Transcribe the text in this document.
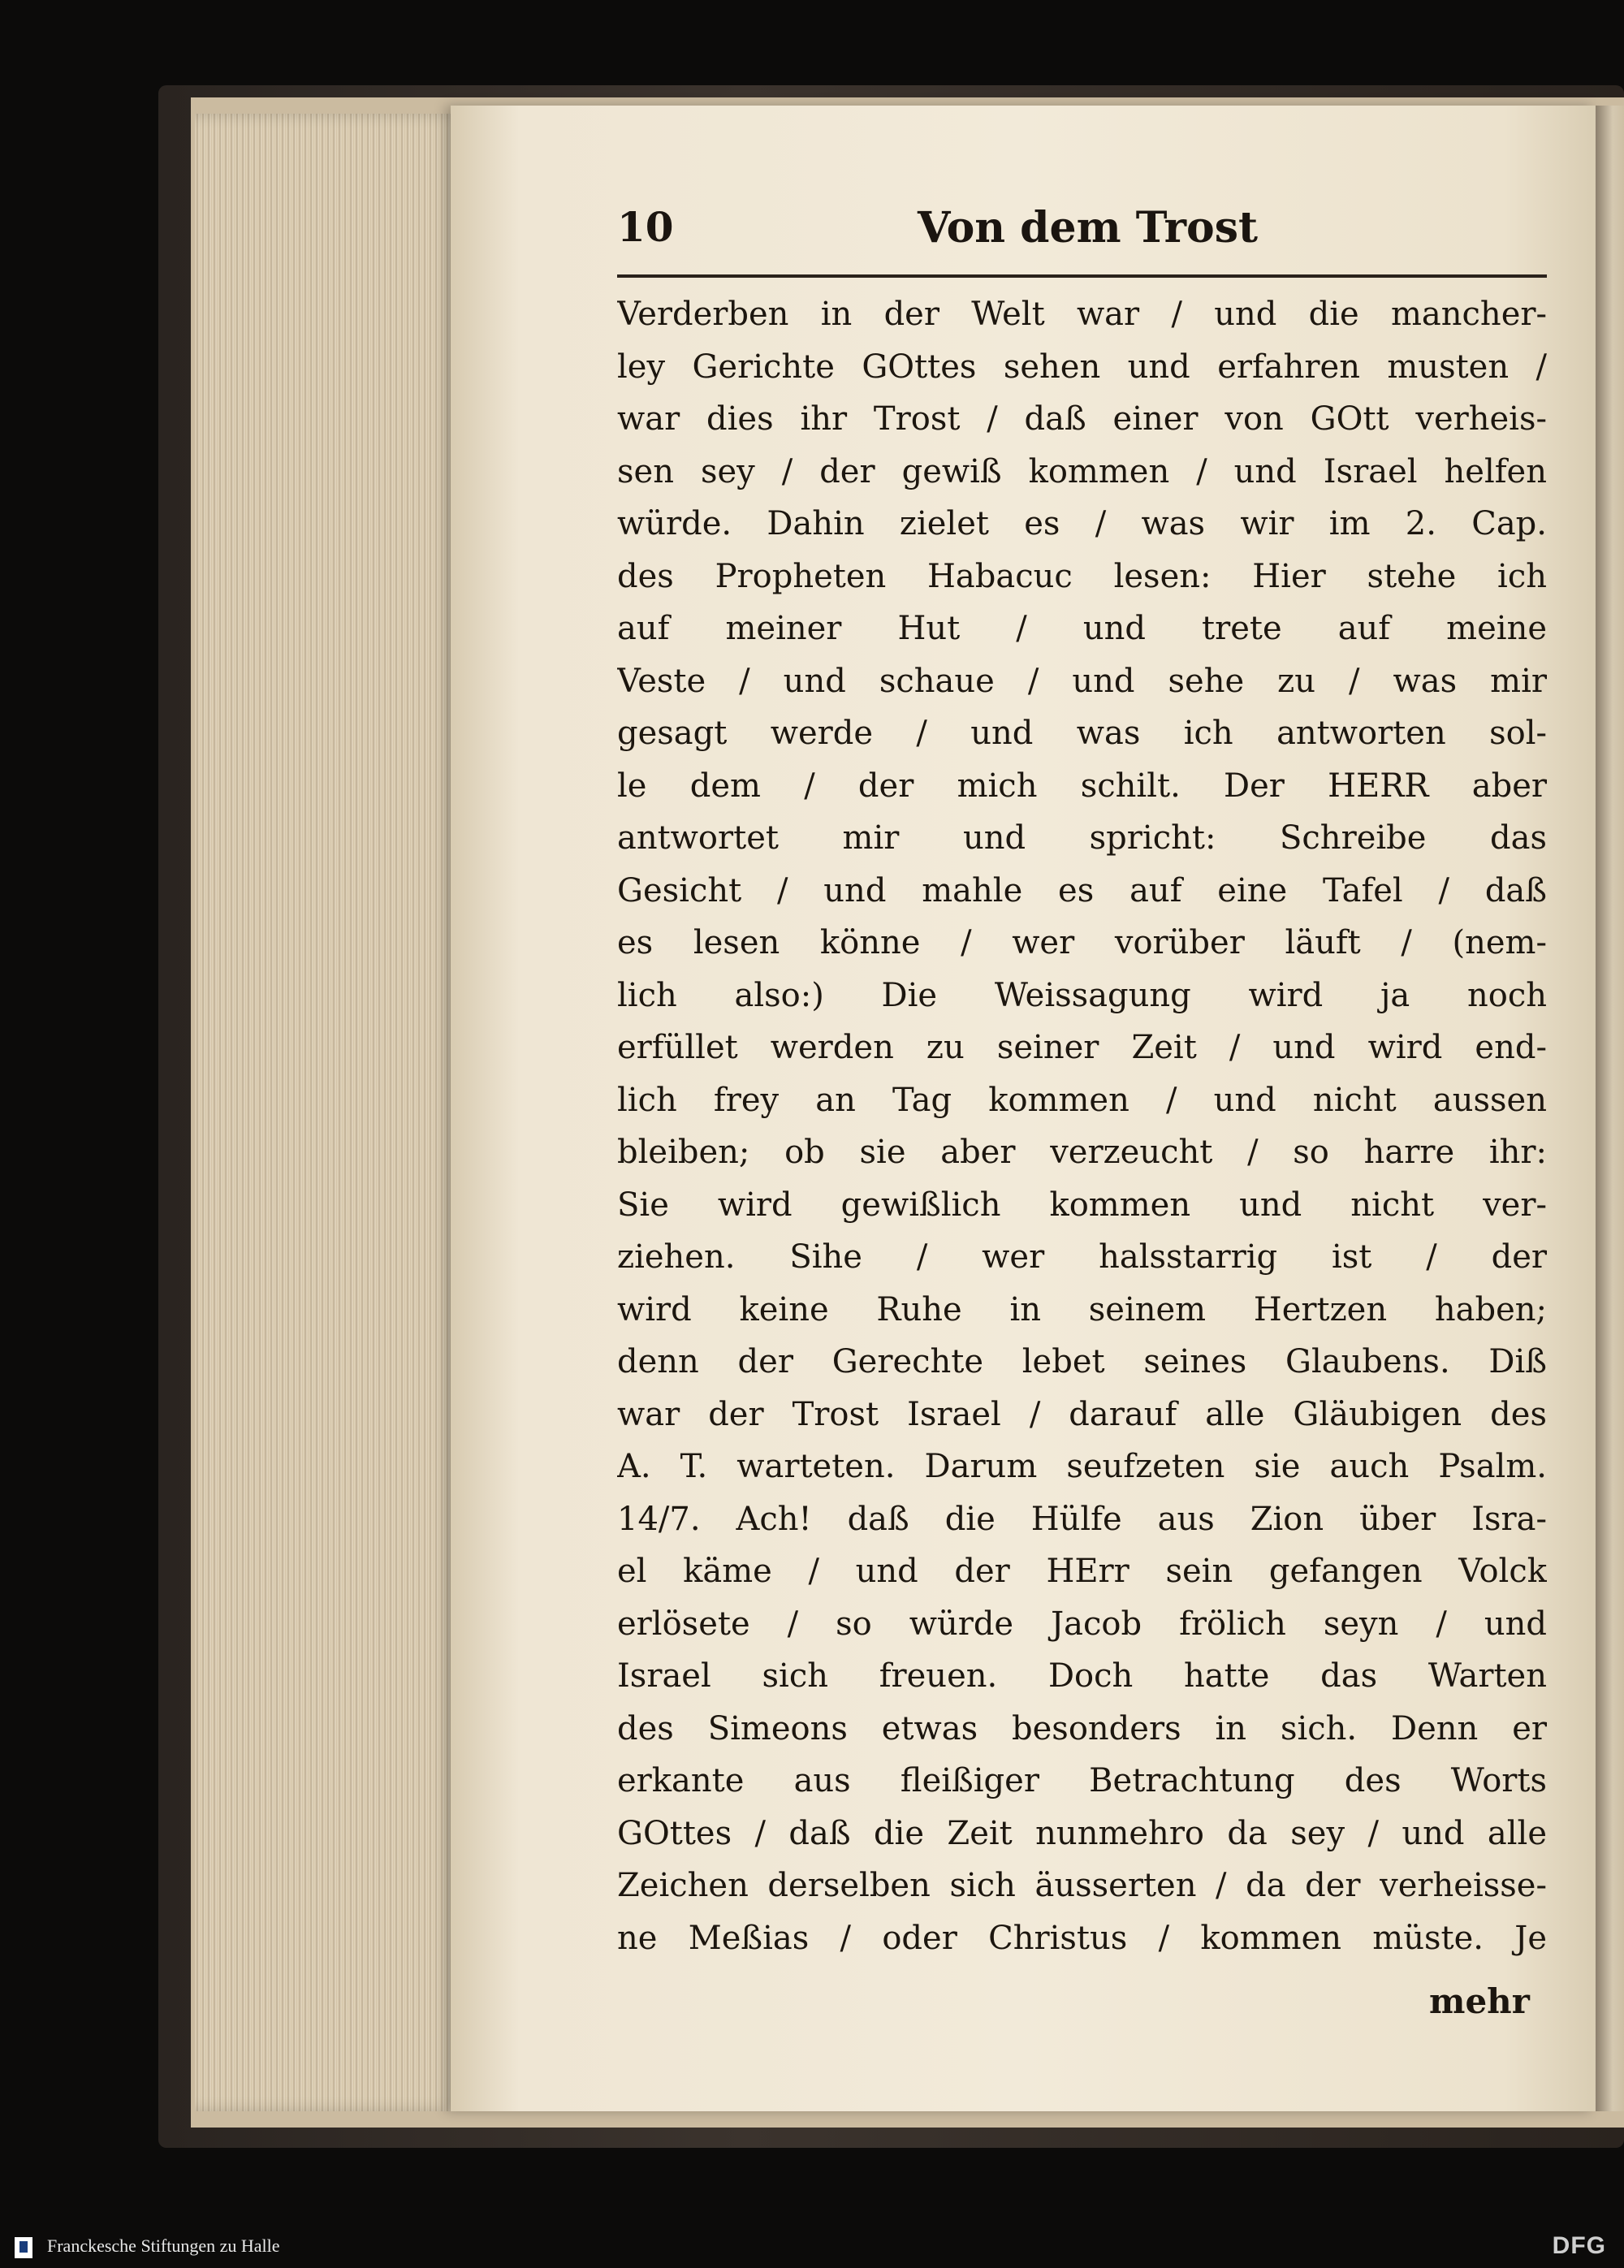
10	Von dem Trost
Verderben in der Welt war / und die mancher-
ley Gerichte GOttes sehen und erfahren musten /
war dies ihr Trost / daß einer von GOtt verheis-
sen sey / der gewiß kommen / und Israel helfen
würde. Dahin zielet es / was wir im 2. Cap.
des Propheten Habacuc lesen: Hier stehe ich
auf meiner Hut / und trete auf meine
Veste / und schaue / und sehe zu / was mir
gesagt werde / und was ich antworten sol-
le dem / der mich schilt. Der HERR aber
antwortet mir und spricht: Schreibe das
Gesicht / und mahle es auf eine Tafel / daß
es lesen könne / wer vorüber läuft / (nem-
lich also:) Die Weissagung wird ja noch
erfüllet werden zu seiner Zeit / und wird end-
lich frey an Tag kommen / und nicht aussen
bleiben; ob sie aber verzeucht / so harre ihr:
Sie wird gewißlich kommen und nicht ver-
ziehen. Sihe / wer halsstarrig ist / der
wird keine Ruhe in seinem Hertzen haben;
denn der Gerechte lebet seines Glaubens. Diß
war der Trost Israel / darauf alle Gläubigen des
A. T. warteten. Darum seufzeten sie auch Psalm.
14/7. Ach! daß die Hülfe aus Zion über Isra-
el käme / und der HErr sein gefangen Volck
erlösete / so würde Jacob frölich seyn / und
Israel sich freuen. Doch hatte das Warten
des Simeons etwas besonders in sich. Denn er
erkante aus fleißiger Betrachtung des Worts
GOttes / daß die Zeit nunmehro da sey / und alle
Zeichen derselben sich äusserten / da der verheisse-
ne Meßias / oder Christus / kommen müste. Je
mehr
Franckesche Stiftungen zu Halle	DFG
